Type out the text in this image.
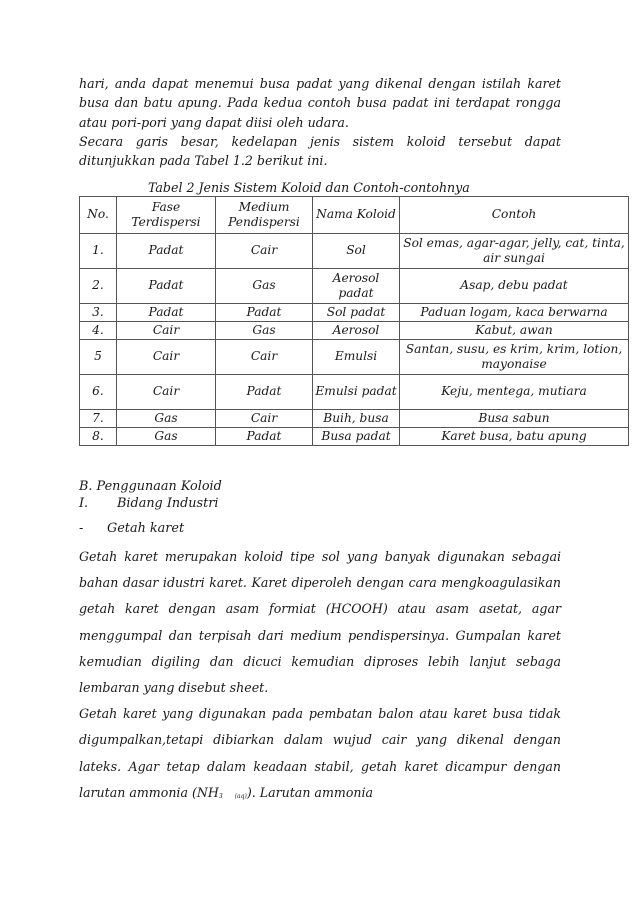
hari, anda dapat menemui busa padat yang dikenal dengan istilah karet busa dan batu apung. Pada kedua contoh busa padat ini terdapat rongga atau pori-pori yang dapat diisi oleh udara.

Secara garis besar, kedelapan jenis sistem koloid tersebut dapat ditunjukkan pada Tabel 1.2 berikut ini.

Tabel 2 Jenis Sistem Koloid dan Contoh-contohnya
No.	Fase Terdispersi	Medium Pendispersi	Nama Koloid	Contoh
1.	Padat	Cair	Sol	Sol emas, agar-agar, jelly, cat, tinta, air sungai
2.	Padat	Gas	Aerosol padat	Asap, debu padat
3.	Padat	Padat	Sol padat	Paduan logam, kaca berwarna
4.	Cair	Gas	Aerosol	Kabut, awan
5	Cair	Cair	Emulsi	Santan, susu, es krim, krim, lotion, mayonaise
6.	Cair	Padat	Emulsi padat	Keju, mentega, mutiara
7.	Gas	Cair	Buih, busa	Busa sabun
8.	Gas	Padat	Busa padat	Karet busa, batu apung
B. Penggunaan Koloid
I. Bidang Industri
- Getah karet

Getah karet merupakan koloid tipe sol yang banyak digunakan sebagai bahan dasar idustri karet. Karet diperoleh dengan cara mengkoagulasikan getah karet dengan asam formiat (HCOOH) atau asam asetat, agar menggumpal dan terpisah dari medium pendispersinya. Gumpalan karet kemudian digiling dan dicuci kemudian diproses lebih lanjut sebaga lembaran yang disebut sheet.

Getah karet yang digunakan pada pembatan balon atau karet busa tidak digumpalkan,tetapi dibiarkan dalam wujud cair yang dikenal dengan lateks. Agar tetap dalam keadaan stabil, getah karet dicampur dengan larutan ammonia ($NH_3$ $_{(aq)}$). Larutan ammonia
